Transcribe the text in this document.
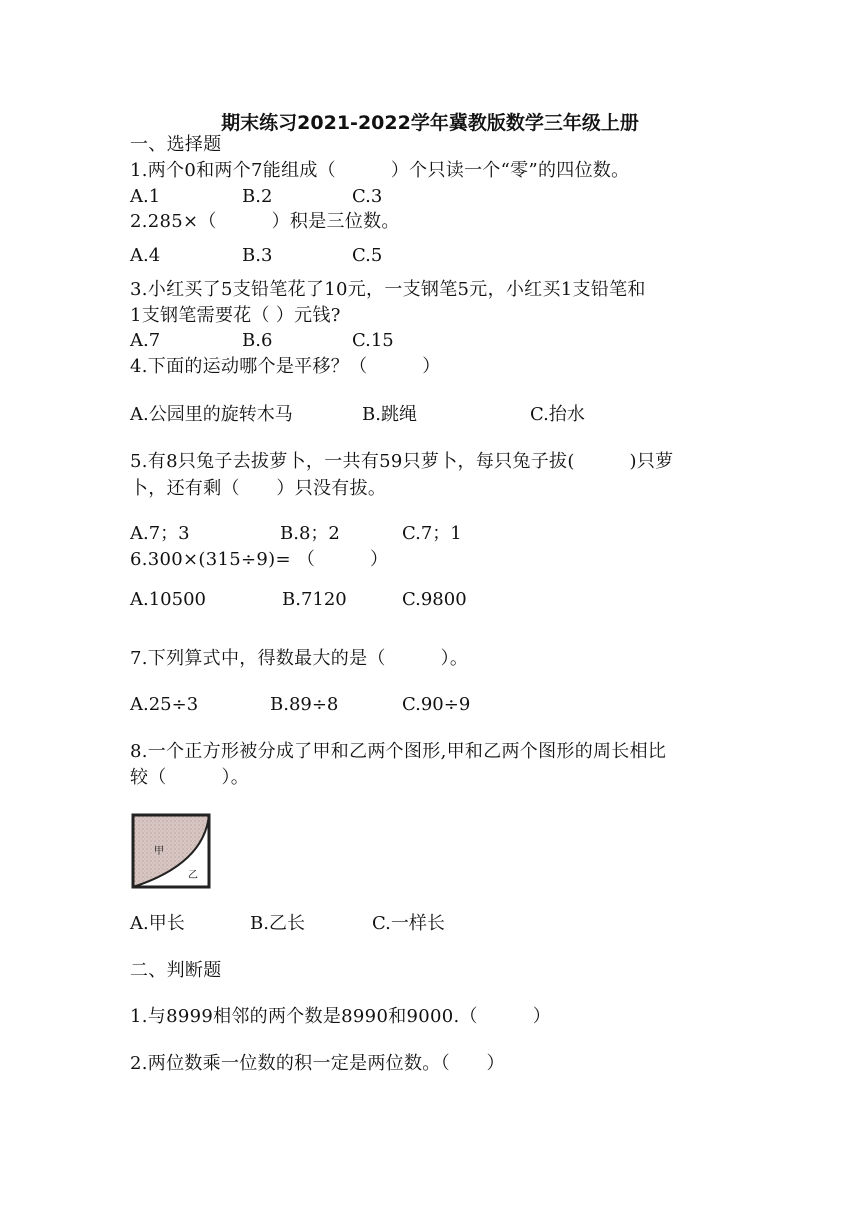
期末练习2021-2022学年冀教版数学三年级上册
一、选择题
1.两个0和两个7能组成（　　　）个只读一个“零”的四位数。
A.1	B.2	C.3
2.285×（　　　）积是三位数。
A.4	B.3	C.5
3.小红买了5支铅笔花了10元，一支钢笔5元，小红买1支铅笔和
1支钢笔需要花（ ）元钱?
A.7	B.6	C.15
4.下面的运动哪个是平移？（　　　）
A.公园里的旋转木马	B.跳绳	C.抬水
5.有8只兔子去拔萝卜，一共有59只萝卜，每只兔子拔(　　　)只萝
卜，还有剩（　　）只没有拔。
A.7；3	B.8；2	C.7；1
6.300×(315÷9)= （　　　）
A.10500	B.7120	C.9800
7.下列算式中，得数最大的是（　　　）。
A.25÷3	B.89÷8	C.90÷9
8.一个正方形被分成了甲和乙两个图形,甲和乙两个图形的周长相比
较（　　　）。
甲
乙
A.甲长	B.乙长	C.一样长
二、判断题
1.与8999相邻的两个数是8990和9000.（　　　）
2.两位数乘一位数的积一定是两位数。（　　）
